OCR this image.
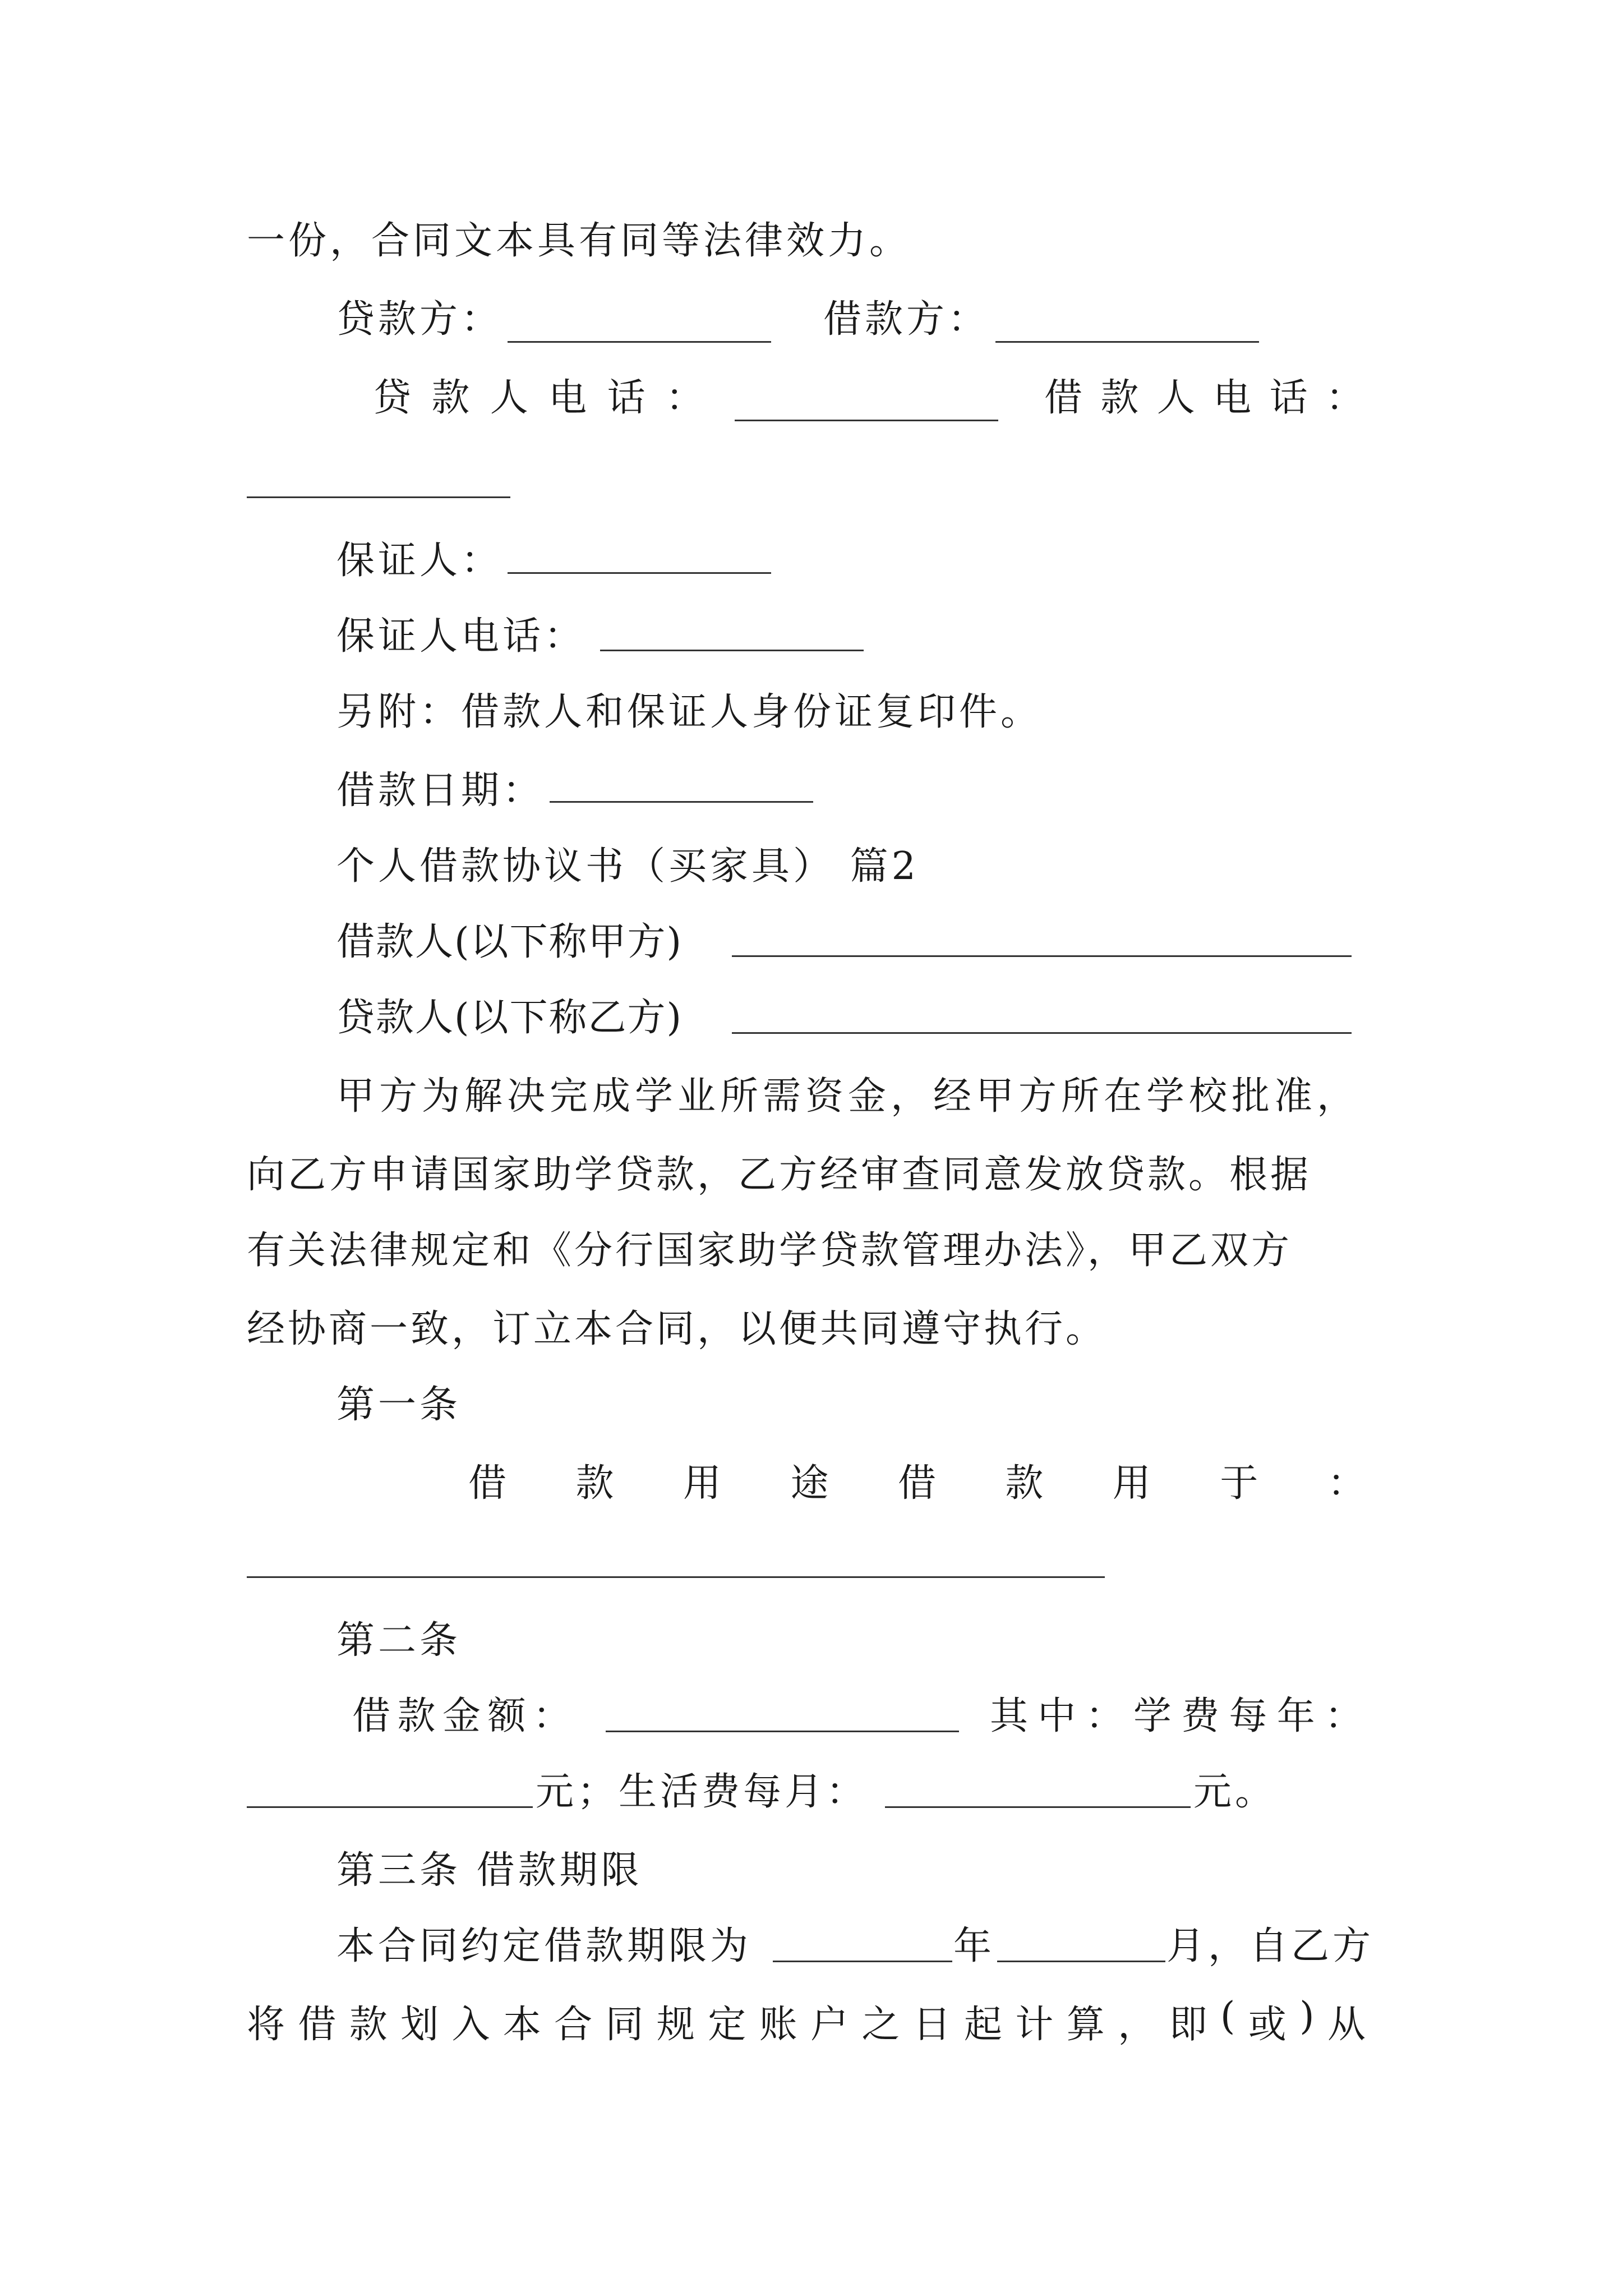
一份，合同文本具有同等法律效力。
贷款方：	借款方：
贷 款 人 电 话 ：	借 款 人 电 话 ：
保证人：
保证人电话：
另附：借款人和保证人身份证复印件。
借款日期：
个人借款协议书（买家具） 篇2
借款人(以下称甲方)
贷款人(以下称乙方)
甲方为解决完成学业所需资金，经甲方所在学校批准，
向乙方申请国家助学贷款，乙方经审查同意发放贷款。根据
有关法律规定和《分行国家助学贷款管理办法》，甲乙双方
经协商一致，订立本合同，以便共同遵守执行。
第一条
借 款 用 途 借 款 用 于 ：
第二条
借 款 金 额 ：	其 中 ： 学 费 每 年 ：
元；生活费每月：	元。
第三条 借款期限
本合同约定借款期限为	年	月，自乙方
将 借 款 划 入 本 合 同 规 定 账 户 之 日 起 计 算 ， 即 ( 或 ) 从
